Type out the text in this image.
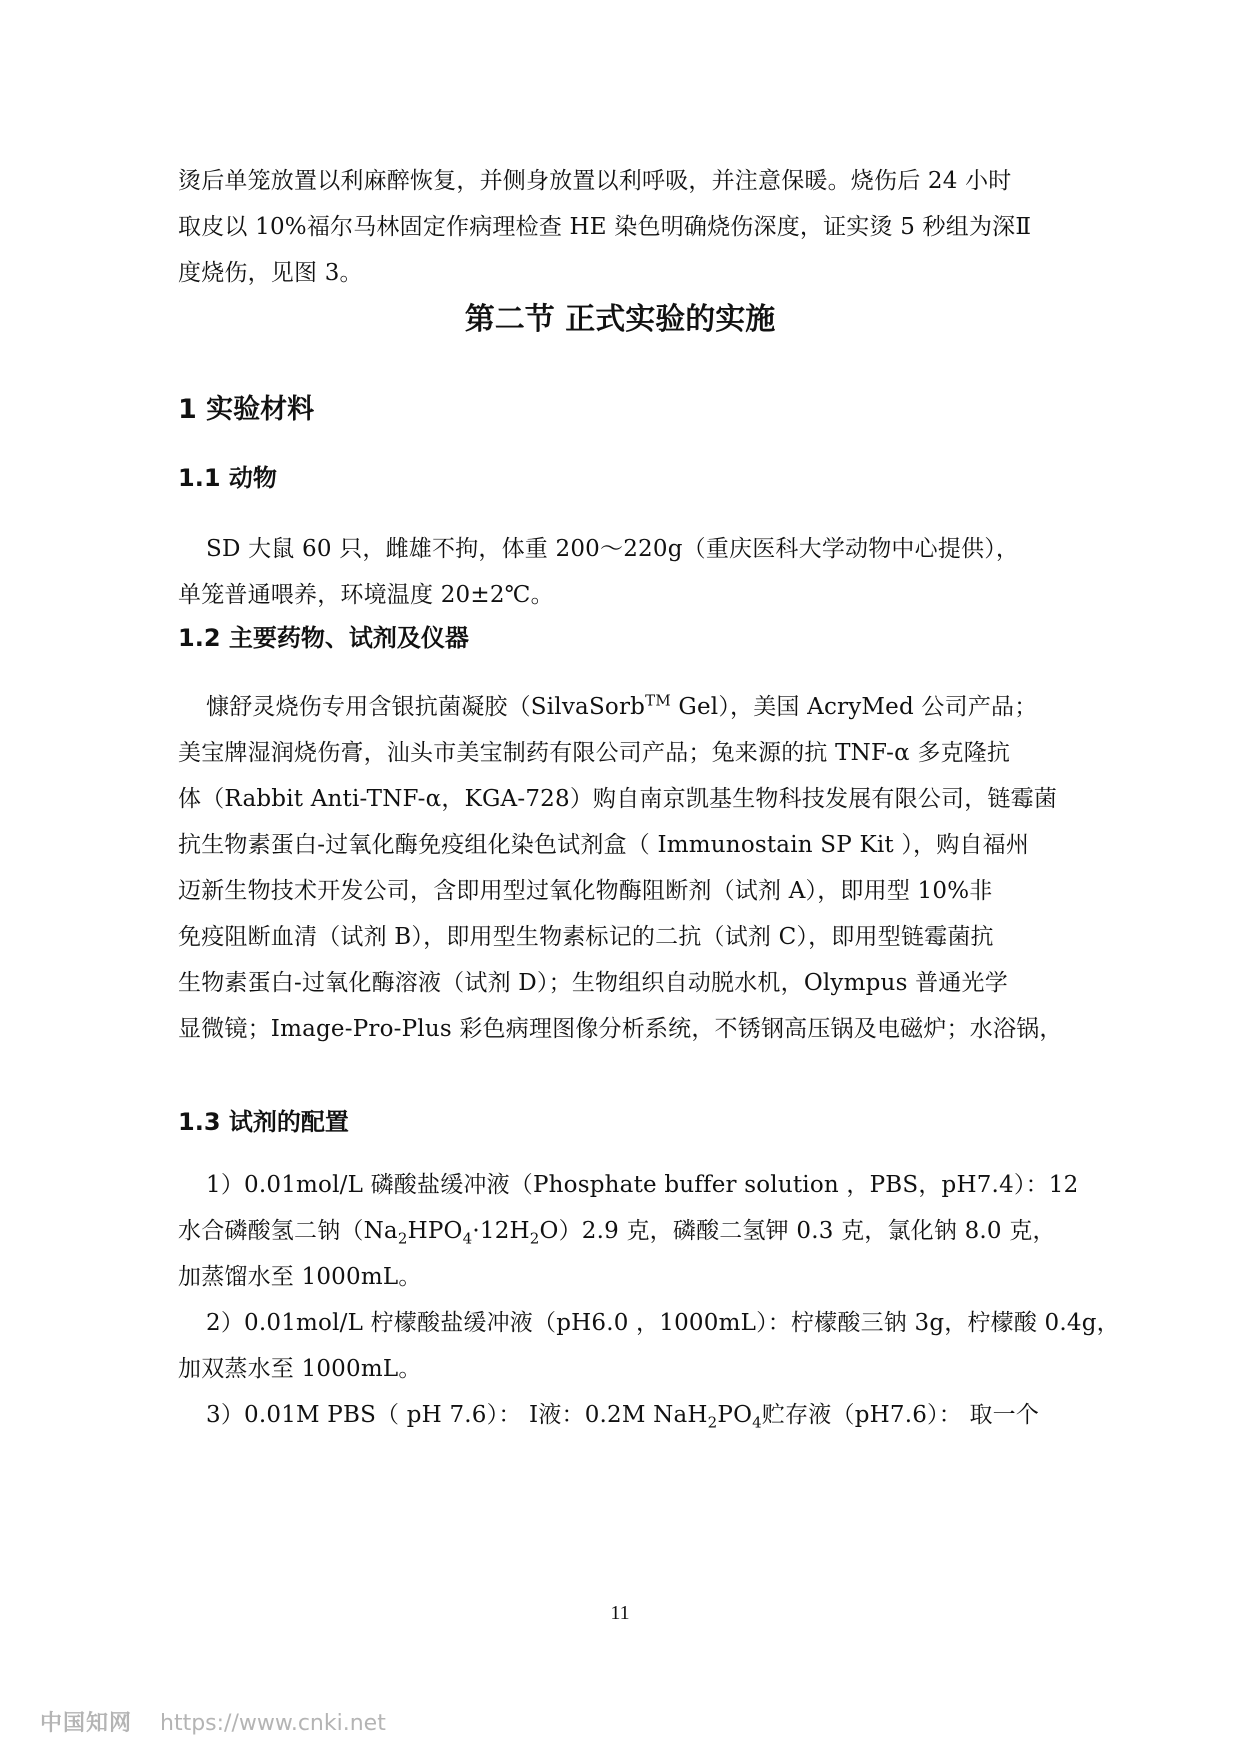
烫后单笼放置以利麻醉恢复，并侧身放置以利呼吸，并注意保暖。烧伤后 24 小时
取皮以 10%福尔马林固定作病理检查 HE 染色明确烧伤深度，证实烫 5 秒组为深Ⅱ
度烧伤，见图 3。
第二节 正式实验的实施
1 实验材料
1.1 动物
SD 大鼠 60 只，雌雄不拘，体重 200～220g（重庆医科大学动物中心提供），
单笼普通喂养，环境温度 20±2℃。
1.2 主要药物、试剂及仪器
慷舒灵烧伤专用含银抗菌凝胶（SilvaSorb™ Gel），美国 AcryMed 公司产品；
美宝牌湿润烧伤膏，汕头市美宝制药有限公司产品；兔来源的抗 TNF-α 多克隆抗
体（Rabbit Anti-TNF-α，KGA-728）购自南京凯基生物科技发展有限公司，链霉菌
抗生物素蛋白-过氧化酶免疫组化染色试剂盒（ Immunostain SP Kit ），购自福州
迈新生物技术开发公司，含即用型过氧化物酶阻断剂（试剂 A），即用型 10%非
免疫阻断血清（试剂 B），即用型生物素标记的二抗（试剂 C），即用型链霉菌抗
生物素蛋白-过氧化酶溶液（试剂 D）；生物组织自动脱水机，Olympus 普通光学
显微镜；Image-Pro-Plus 彩色病理图像分析系统，不锈钢高压锅及电磁炉；水浴锅，
1.3 试剂的配置
1）0.01mol/L 磷酸盐缓冲液（Phosphate buffer solution ，PBS，pH7.4）：12
水合磷酸氢二钠$(Na_2HPO_4\cdot 12H_2O)2.9$ 克，磷酸二氢钾 0.3 克，氯化钠 8.0 克，
加蒸馏水至 1000mL。
2）0.01mol/L 柠檬酸盐缓冲液（pH6.0 ，1000mL）：柠檬酸三钠 3g，柠檬酸 0.4g，
加双蒸水至 1000mL。
3）0.01M PBS（ pH 7.6）： Ⅰ液：0.2M $NaH_2PO_4$贮存液（pH7.6）： 取一个
11
中国知网 https://www.cnki.net
